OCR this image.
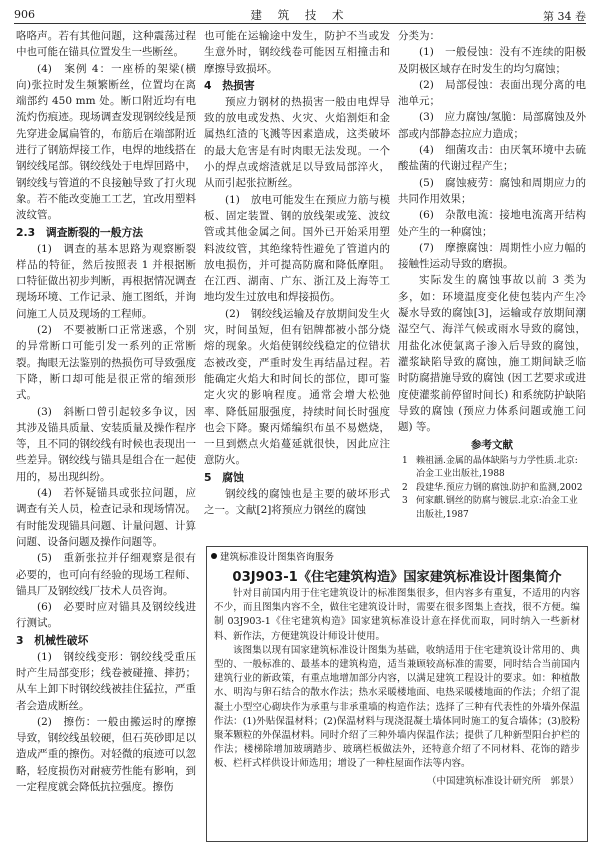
906	建 筑 技 术	第 34 卷

咯咯声。若有其他问题，这种震荡过程中也可能在锚具位置发生一些断丝。

(4)　案例 4：一座桥的架梁(横向)张拉时发生频繁断丝，位置均在离端部约 450 mm 处。断口附近均有电流灼伤痕迹。现场调查发现钢绞线是预先穿进金属扁管的，布筋后在端部附近进行了钢筋焊接工作，电焊的地线搭在钢绞线尾部。钢绞线处于电焊回路中，钢绞线与管道的不良接触导致了打火现象。若不能改变施工工艺，宜改用塑料波纹管。

2.3　调查断裂的一般方法

(1)　调查的基本思路为观察断裂样品的特征，然后按照表 1 并根据断口特征做出初步判断，再根据情况调查现场环境、工作记录、施工图纸，并询问施工人员及现场的工程师。

(2)　不要被断口正常迷惑，个别的异常断口可能引发一系列的正常断裂。掏眼无法鉴别的热损伤可导致强度下降，断口却可能是很正常的缩颈形式。

(3)　斜断口曾引起较多争议，因其涉及锚具质量、安装质量及操作程序等，且不同的钢绞线有时候也表现出一些差异。钢绞线与锚具是组合在一起使用的，易出现纠纷。

(4)　若怀疑锚具或张拉问题，应调查有关人员，检查记录和现场情况。有时能发现锚具问题、计量问题、计算问题、设备问题及操作问题等。

(5)　重新张拉并仔细观察是很有必要的，也可向有经验的现场工程师、锚具厂及钢绞线厂技术人员咨询。

(6)　必要时应对锚具及钢绞线进行测试。

3　机械性破坏

(1)　钢绞线变形：钢绞线受重压时产生局部变形；线卷被碰撞、摔扔；从车上卸下时钢绞线被挂住猛拉，严重者会造成断丝。

(2)　擦伤：一般由搬运时的摩擦导致，钢绞线虽较硬，但石英砂即足以造成严重的擦伤。对轻微的痕迹可以忽略，轻度损伤对耐疲劳性能有影响，到一定程度就会降低抗拉强度。擦伤

也可能在运输途中发生，防护不当或发生意外时，钢绞线卷可能因互相撞击和摩擦导致损坏。

4　热损害

预应力钢材的热损害一般由电焊导致的放电或发热、火灾、火焰割炬和金属热红渣的飞溅等因素造成，这类破坏的最大危害是有时肉眼无法发现。一个小的焊点或熔渣就足以导致局部淬火，从而引起张拉断丝。

(1)　放电可能发生在预应力筋与模板、固定装置、钢的放线架或笼、波纹管或其他金属之间。国外已开始采用塑料波纹管，其绝缘特性避免了管道内的放电损伤，并可提高防腐和降低摩阻。在江西、湖南、广东、浙江及上海等工地均发生过放电和焊接损伤。

(2)　钢绞线运输及存放期间发生火灾，时间虽短，但有铝牌都被小部分烧熔的现象。火焰使钢绞线稳定的位错状态被改变，严重时发生再结晶过程。若能确定火焰大和时间长的部位，即可鉴定火灾的影响程度。通常会增大松弛率、降低屈服强度，持续时间长时强度也会下降。聚丙烯编织布虽不易燃烧，一旦到燃点火焰蔓延就很快，因此应注意防火。

5　腐蚀

钢绞线的腐蚀也是主要的破坏形式之一。文献[2]将预应力钢丝的腐蚀

分类为：

(1)　一般侵蚀：没有不连续的阳极及阴极区域存在时发生的均匀腐蚀；

(2)　局部侵蚀：表面出现分离的电池单元；

(3)　应力腐蚀/氢脆：局部腐蚀及外部或内部静态拉应力造成；

(4)　细菌攻击：由厌氧环境中去硫酸盐菌的代谢过程产生；

(5)　腐蚀疲劳：腐蚀和周期应力的共同作用效果；

(6)　杂散电流：接地电流离开结构处产生的一种腐蚀；

(7)　摩擦腐蚀：周期性小应力幅的接触性运动导致的磨损。

实际发生的腐蚀事故以前 3 类为多，如：环境温度变化使包装内产生冷凝水导致的腐蚀[3]，运输或存放期间潮湿空气、海洋气候或雨水导致的腐蚀，用盐化冰使氯离子渗入后导致的腐蚀，灌浆缺陷导致的腐蚀，施工期间缺乏临时防腐措施导致的腐蚀 (因工艺要求或进度使灌浆前停留时间长) 和系统防护缺陷导致的腐蚀 (预应力体系问题或施工问题) 等。

参考文献

1 赖祖涵.金属的晶体缺陷与力学性质.北京:冶金工业出版社,1988

2 段建华.预应力钢的腐蚀.防护和监测,2002

3 何家麒.钢丝的防腐与镀层.北京:冶金工业出版社,1987

建筑标准设计图集咨询服务
03J903-1《住宅建筑构造》国家建筑标准设计图集简介

针对目前国内用于住宅建筑设计的标准图集很多，但内容多有重复，不适用的内容不少，而且图集内容不全，做住宅建筑设计时，需要在很多图集上查找，很不方便。编制 03J903-1《住宅建筑构造》国家建筑标准设计意在择优而取，同时纳入一些新材料、新作法，方便建筑设计师设计使用。

该图集以现有国家建筑标准设计图集为基础，收纳适用于住宅建筑设计常用的、典型的、一般标准的、最基本的建筑构造，适当兼顾较高标准的需要，同时结合当前国内建筑行业的新政策，有重点地增加部分内容，以满足建筑工程设计的要求。如：种植散水、明沟与卵石结合的散水作法；热水采暖楼地面、电热采暖楼地面的作法；介绍了混凝土小型空心砌块作为承重与非承重墙的构造作法；选择了三种有代表性的外墙外保温作法：(1)外贴保温材料；(2)保温材料与现浇混凝土墙体同时施工的复合墙体；(3)胶粉聚苯颗粒的外保温材料。同时介绍了三种外墙内保温作法；提供了几种新型阳台护栏的作法；楼梯除增加玻璃踏步、玻璃栏板做法外，还特意介绍了不同材料、花饰的踏步板、栏杆式样供设计师选用；增设了一种柱屋面作法等内容。

（中国建筑标准设计研究所　郭景）
